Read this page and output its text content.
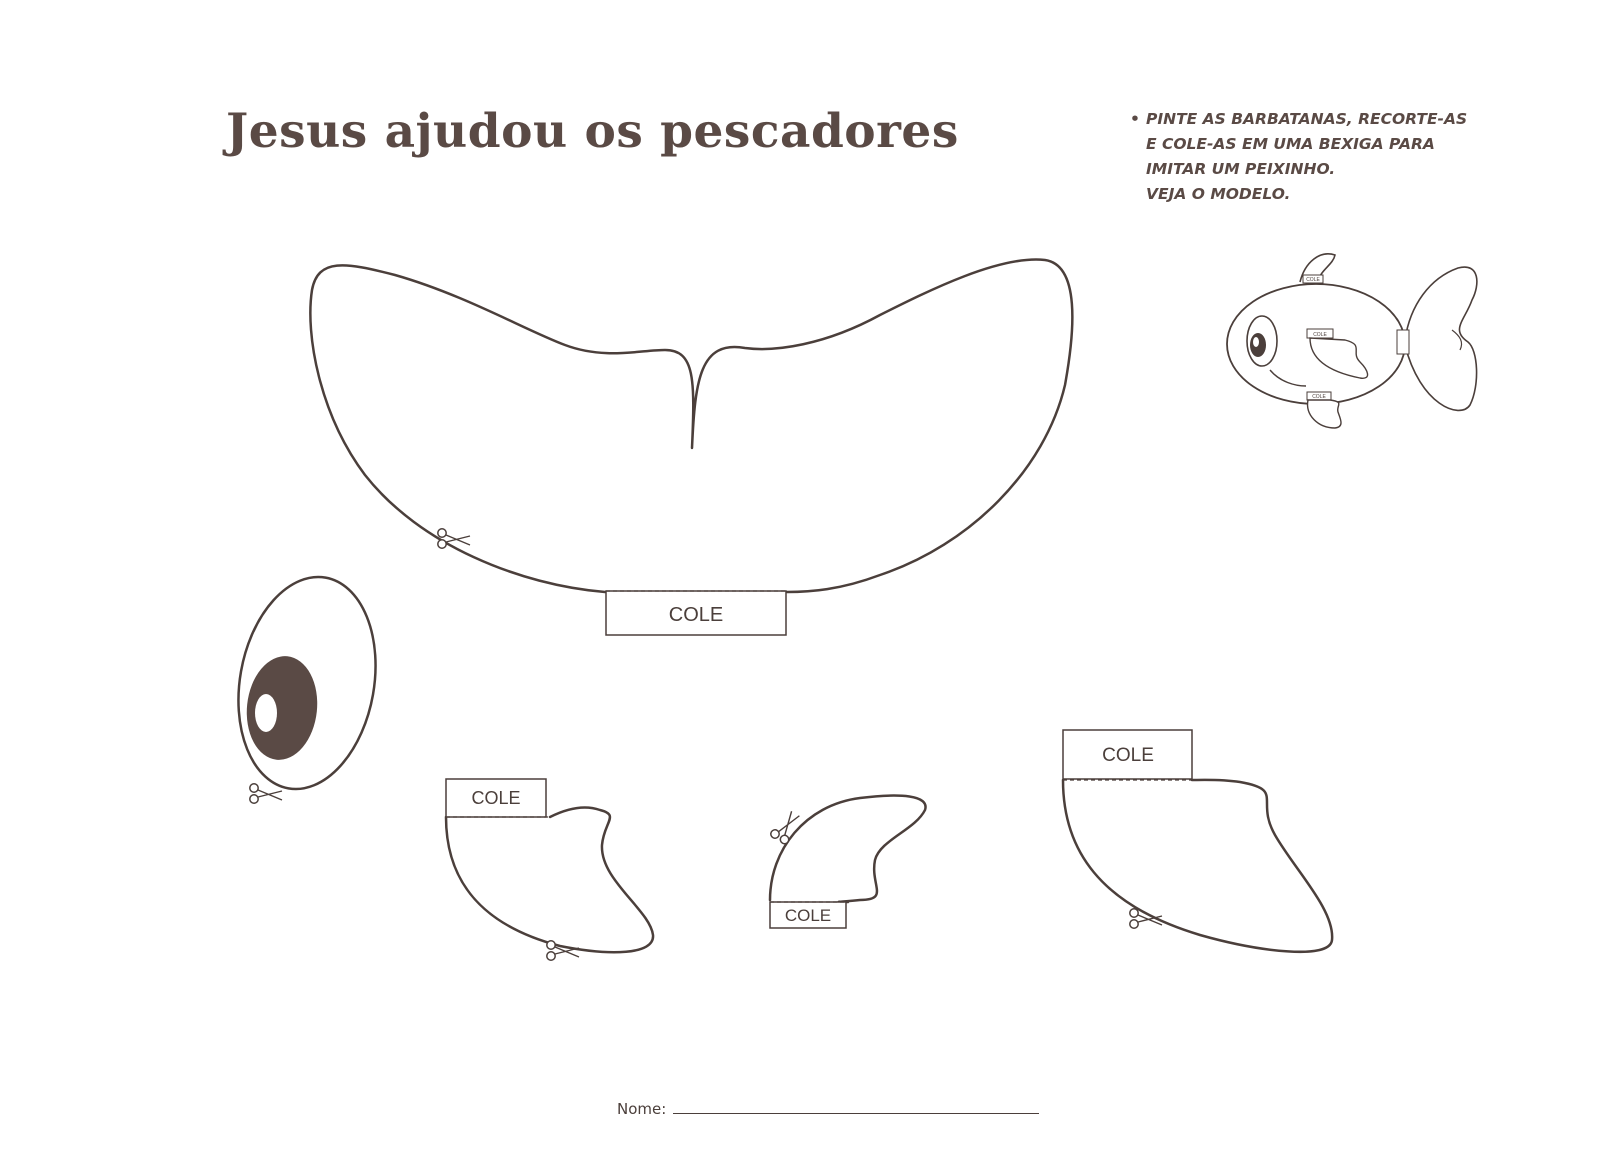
Jesus ajudou os pescadores	• PINTE AS BARBATANAS, RECORTE-AS
E COLE-AS EM UMA BEXIGA PARA
IMITAR UM PEIXINHO.
VEJA O MODELO.
COLE
COLE
COLE
COLE
COLE
COLE
COLE
Nome:
